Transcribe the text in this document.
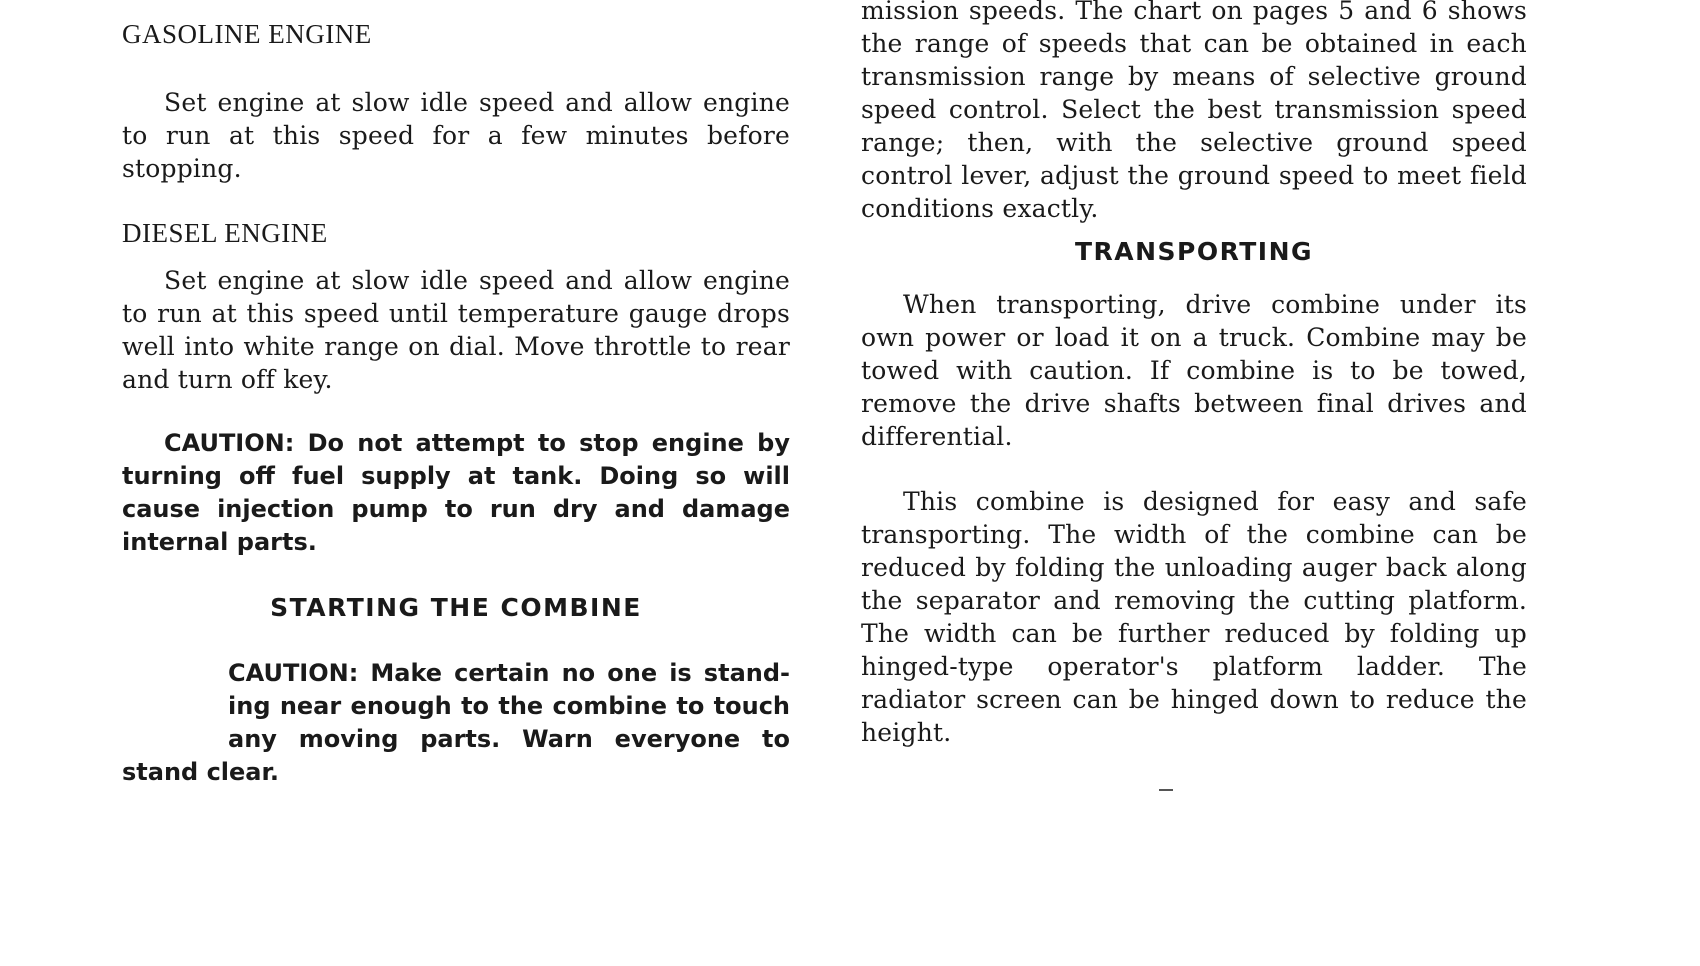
GASOLINE ENGINE

Set engine at slow idle speed and allow engine to run at this speed for a few minutes before stopping.

DIESEL ENGINE

Set engine at slow idle speed and allow engine to run at this speed until temperature gauge drops well into white range on dial. Move throttle to rear and turn off key.

CAUTION: Do not attempt to stop engine by turning off fuel supply at tank. Doing so will cause injection pump to run dry and damage internal parts.

STARTING THE COMBINE
CAUTION: Make certain no one is stand-
ing near enough to the combine to touch
any moving parts. Warn everyone to
stand clear.

mission speeds. The chart on pages 5 and 6 shows the range of speeds that can be obtained in each transmission range by means of selective ground speed control. Select the best transmission speed range; then, with the selective ground speed control lever, adjust the ground speed to meet field conditions exactly.

TRANSPORTING

When transporting, drive combine under its own power or load it on a truck. Combine may be towed with caution. If combine is to be towed, remove the drive shafts between final drives and differential.

This combine is designed for easy and safe transporting. The width of the combine can be reduced by folding the unloading auger back along the separator and removing the cutting platform. The width can be further reduced by folding up hinged-type operator's platform ladder. The radiator screen can be hinged down to reduce the height.
